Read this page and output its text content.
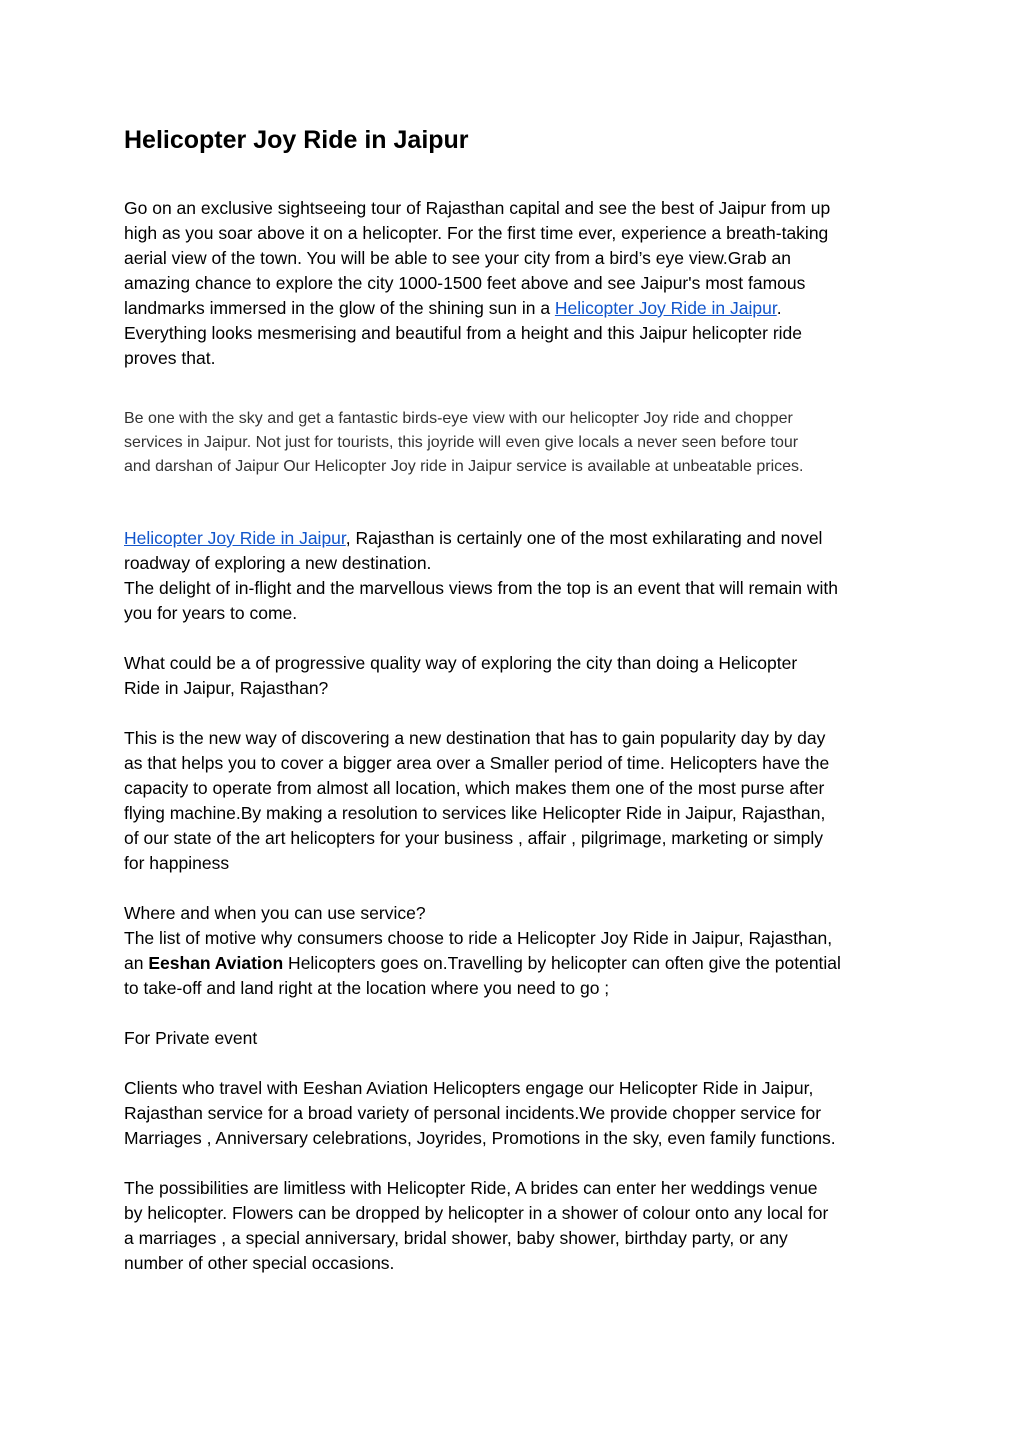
Helicopter Joy Ride in Jaipur

Go on an exclusive sightseeing tour of Rajasthan capital and see the best of Jaipur from up

high as you soar above it on a helicopter. For the first time ever, experience a breath-taking

aerial view of the town. You will be able to see your city from a bird’s eye view.Grab an

amazing chance to explore the city 1000-1500 feet above and see Jaipur's most famous

landmarks immersed in the glow of the shining sun in a Helicopter Joy Ride in Jaipur.

Everything looks mesmerising and beautiful from a height and this Jaipur helicopter ride

proves that.

Be one with the sky and get a fantastic birds-eye view with our helicopter Joy ride and chopper

services in Jaipur. Not just for tourists, this joyride will even give locals a never seen before tour

and darshan of Jaipur Our Helicopter Joy ride in Jaipur service is available at unbeatable prices.

Helicopter Joy Ride in Jaipur, Rajasthan is certainly one of the most exhilarating and novel

roadway of exploring a new destination.

The delight of in-flight and the marvellous views from the top is an event that will remain with

you for years to come.

What could be a of progressive quality way of exploring the city than doing a Helicopter

Ride in Jaipur, Rajasthan?

This is the new way of discovering a new destination that has to gain popularity day by day

as that helps you to cover a bigger area over a Smaller period of time. Helicopters have the

capacity to operate from almost all location, which makes them one of the most purse after

flying machine.By making a resolution to services like Helicopter Ride in Jaipur, Rajasthan,

of our state of the art helicopters for your business , affair , pilgrimage, marketing or simply

for happiness

Where and when you can use service?

The list of motive why consumers choose to ride a Helicopter Joy Ride in Jaipur, Rajasthan,

an Eeshan Aviation Helicopters goes on.Travelling by helicopter can often give the potential

to take-off and land right at the location where you need to go ;

For Private event

Clients who travel with Eeshan Aviation Helicopters engage our Helicopter Ride in Jaipur,

Rajasthan service for a broad variety of personal incidents.We provide chopper service for

Marriages , Anniversary celebrations, Joyrides, Promotions in the sky, even family functions.

The possibilities are limitless with Helicopter Ride, A brides can enter her weddings venue

by helicopter. Flowers can be dropped by helicopter in a shower of colour onto any local for

a marriages , a special anniversary, bridal shower, baby shower, birthday party, or any

number of other special occasions.
